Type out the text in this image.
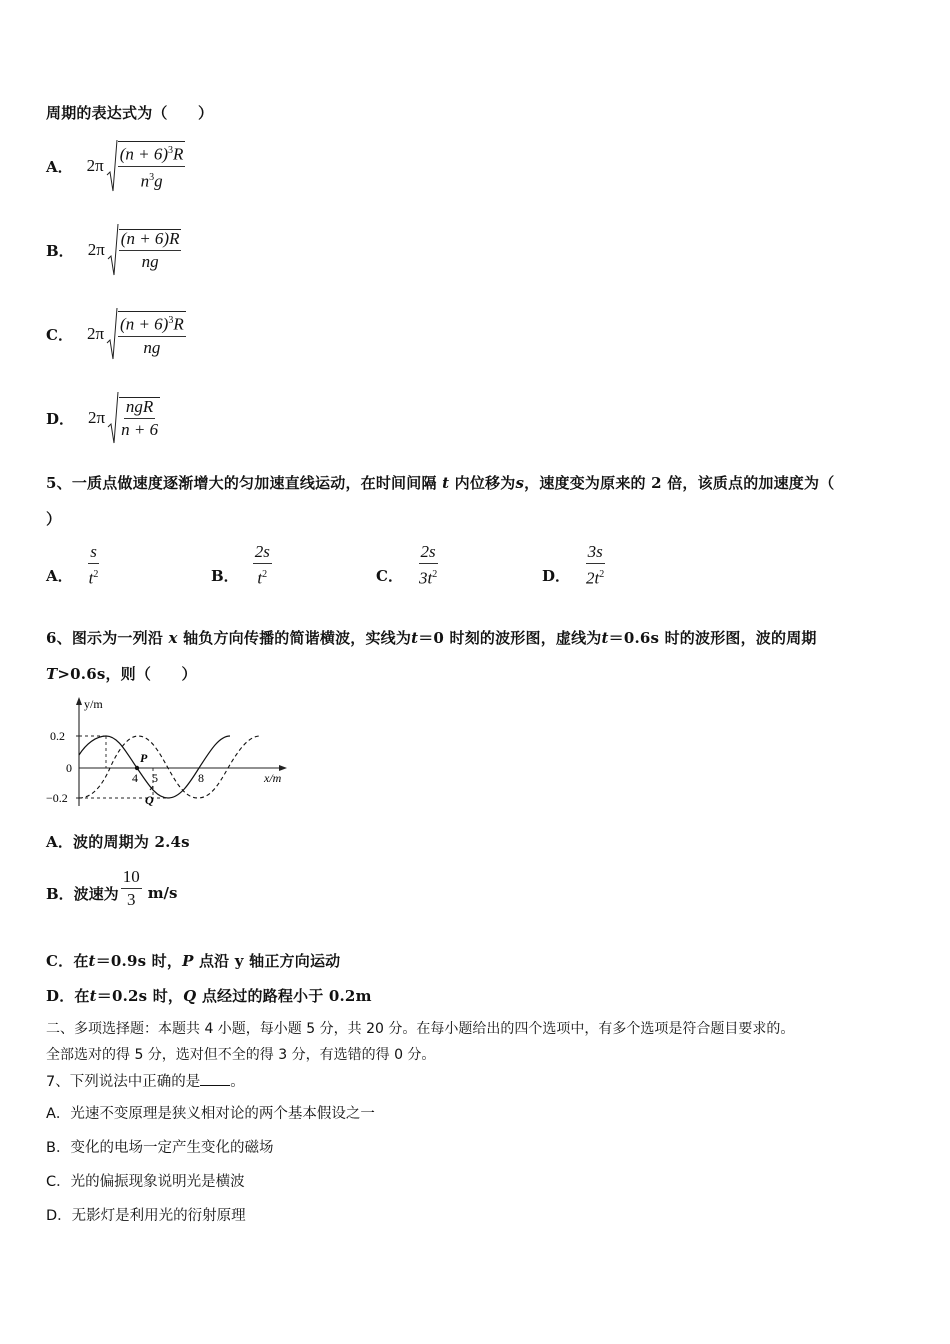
周期的表达式为（　　）
A． $2\pi \frac{(n + 6)^3R}{n^3g}$
B． $2\pi \frac{(n + 6)R}{ng}$
C． $2\pi \frac{(n + 6)^3R}{ng}$
D． $2\pi \frac{\text{ngR}}{n + 6}$
5、一质点做速度逐渐增大的匀加速直线运动，在时间间隔 t 内位移为s，速度变为原来的 2 倍，该质点的加速度为（
）
A． $\frac{s}{t^2}$	B． $\frac{2s}{t^2}$	C． $\frac{2s}{3t^2}$	D． $\frac{3s}{2t^2}$
6、图示为一列沿 x 轴负方向传播的简谐横波，实线为t＝0 时刻的波形图，虚线为t＝0.6s 时的波形图，波的周期
T>0.6s，则（　　）
y/m
0.2
0
−0.2
4 5	8	x/m
P
Q
A．波的周期为 2.4s
B．波速为 $\frac{10}{3} m/s$
C．在t＝0.9s 时，P 点沿 y 轴正方向运动
D．在t＝0.2s 时，Q 点经过的路程小于 0.2m
二、多项选择题：本题共 4 小题，每小题 5 分，共 20 分。在每小题给出的四个选项中，有多个选项是符合题目要求的。
全部选对的得 5 分，选对但不全的得 3 分，有选错的得 0 分。
7、下列说法中正确的是 。
A．光速不变原理是狭义相对论的两个基本假设之一
B．变化的电场一定产生变化的磁场
C．光的偏振现象说明光是横波
D．无影灯是利用光的衍射原理
